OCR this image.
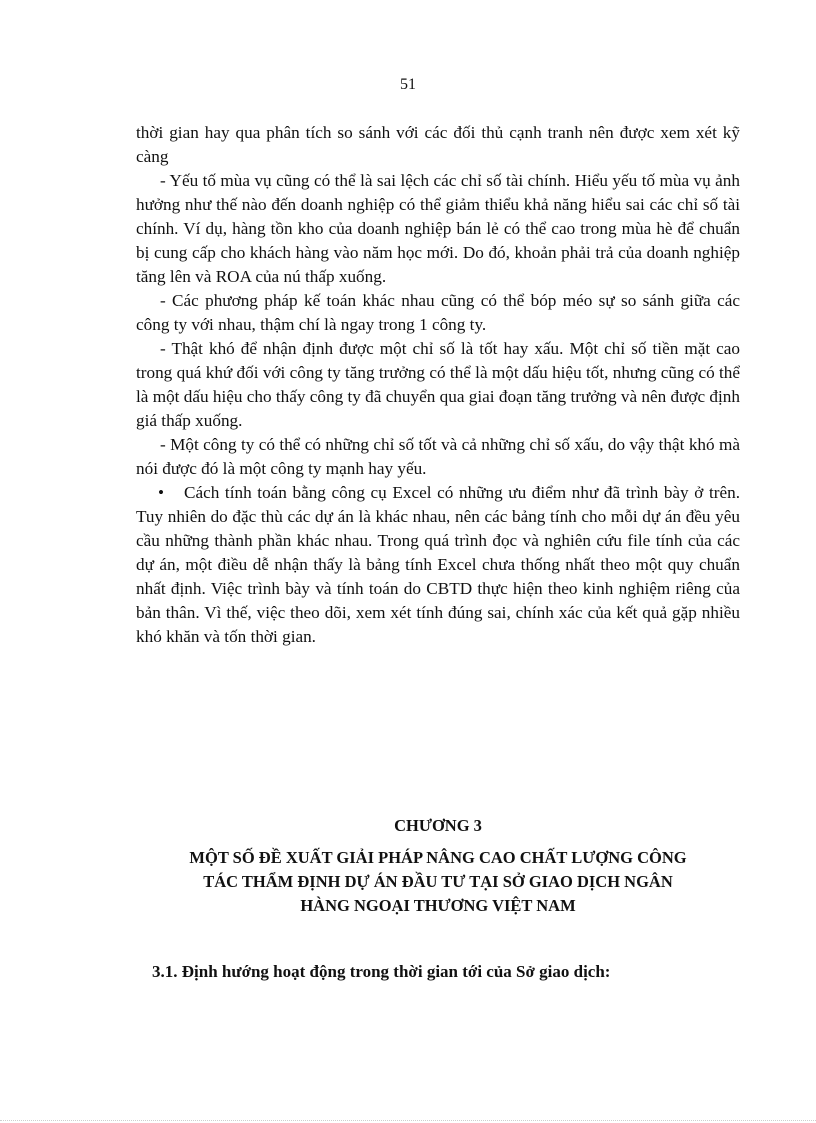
51

thời gian hay qua phân tích so sánh với các đối thủ cạnh tranh nên được xem xét kỹ càng

- Yếu tố mùa vụ cũng có thể là sai lệch các chỉ số tài chính. Hiểu yếu tố mùa vụ ảnh hưởng như thế nào đến doanh nghiệp có thể giảm thiểu khả năng hiểu sai các chỉ số tài chính. Ví dụ, hàng tồn kho của doanh nghiệp bán lẻ có thể cao trong mùa hè để chuẩn bị cung cấp cho khách hàng vào năm học mới. Do đó, khoản phải trả của doanh nghiệp tăng lên và ROA của nú thấp xuống.

- Các phương pháp kế toán khác nhau cũng có thể bóp méo sự so sánh giữa các công ty với nhau, thậm chí là ngay trong 1 công ty.

- Thật khó để nhận định được một chỉ số là tốt hay xấu. Một chỉ số tiền mặt cao trong quá khứ đối với công ty tăng trưởng có thể là một dấu hiệu tốt, nhưng cũng có thể là một dấu hiệu cho thấy công ty đã chuyển qua giai đoạn tăng trưởng và nên được định giá thấp xuống.

- Một công ty có thể có những chỉ số tốt và cả những chỉ số xấu, do vậy thật khó mà nói được đó là một công ty mạnh hay yếu.

• Cách tính toán bằng công cụ Excel có những ưu điểm như đã trình bày ở trên. Tuy nhiên do đặc thù các dự án là khác nhau, nên các bảng tính cho mỗi dự án đều yêu cầu những thành phần khác nhau. Trong quá trình đọc và nghiên cứu file tính của các dự án, một điều dễ nhận thấy là bảng tính Excel chưa thống nhất theo một quy chuẩn nhất định. Việc trình bày và tính toán do CBTD thực hiện theo kinh nghiệm riêng của bản thân. Vì thế, việc theo dõi, xem xét tính đúng sai, chính xác của kết quả gặp nhiều khó khăn và tốn thời gian.

CHƯƠNG 3
MỘT SỐ ĐỀ XUẤT GIẢI PHÁP NÂNG CAO CHẤT LƯỢNG CÔNG
TÁC THẨM ĐỊNH DỰ ÁN ĐẦU TƯ TẠI SỞ GIAO DỊCH NGÂN
HÀNG NGOẠI THƯƠNG VIỆT NAM
3.1. Định hướng hoạt động trong thời gian tới của Sở giao dịch:
